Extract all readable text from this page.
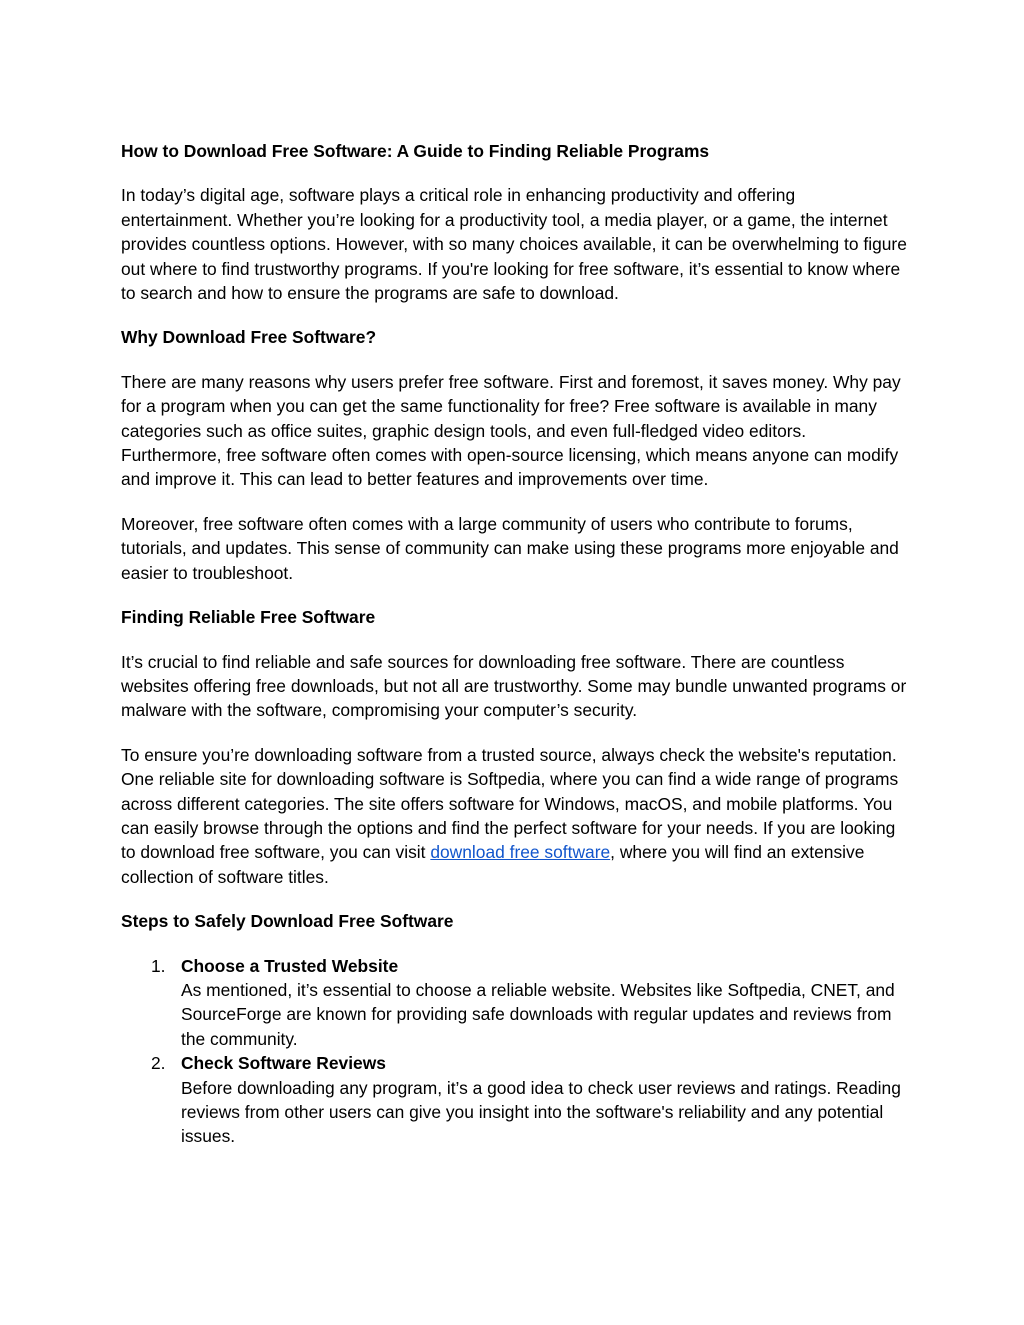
How to Download Free Software: A Guide to Finding Reliable Programs

In today’s digital age, software plays a critical role in enhancing productivity and offering entertainment. Whether you’re looking for a productivity tool, a media player, or a game, the internet provides countless options. However, with so many choices available, it can be overwhelming to figure out where to find trustworthy programs. If you're looking for free software, it’s essential to know where to search and how to ensure the programs are safe to download.

Why Download Free Software?

There are many reasons why users prefer free software. First and foremost, it saves money. Why pay for a program when you can get the same functionality for free? Free software is available in many categories such as office suites, graphic design tools, and even full-fledged video editors. Furthermore, free software often comes with open-source licensing, which means anyone can modify and improve it. This can lead to better features and improvements over time.

Moreover, free software often comes with a large community of users who contribute to forums, tutorials, and updates. This sense of community can make using these programs more enjoyable and easier to troubleshoot.

Finding Reliable Free Software

It’s crucial to find reliable and safe sources for downloading free software. There are countless websites offering free downloads, but not all are trustworthy. Some may bundle unwanted programs or malware with the software, compromising your computer’s security.

To ensure you’re downloading software from a trusted source, always check the website's reputation. One reliable site for downloading software is Softpedia, where you can find a wide range of programs across different categories. The site offers software for Windows, macOS, and mobile platforms. You can easily browse through the options and find the perfect software for your needs. If you are looking to download free software, you can visit download free software, where you will find an extensive collection of software titles.

Steps to Safely Download Free Software

1. Choose a Trusted Website
As mentioned, it’s essential to choose a reliable website. Websites like Softpedia, CNET, and SourceForge are known for providing safe downloads with regular updates and reviews from the community.
2. Check Software Reviews
Before downloading any program, it’s a good idea to check user reviews and ratings. Reading reviews from other users can give you insight into the software's reliability and any potential issues.
